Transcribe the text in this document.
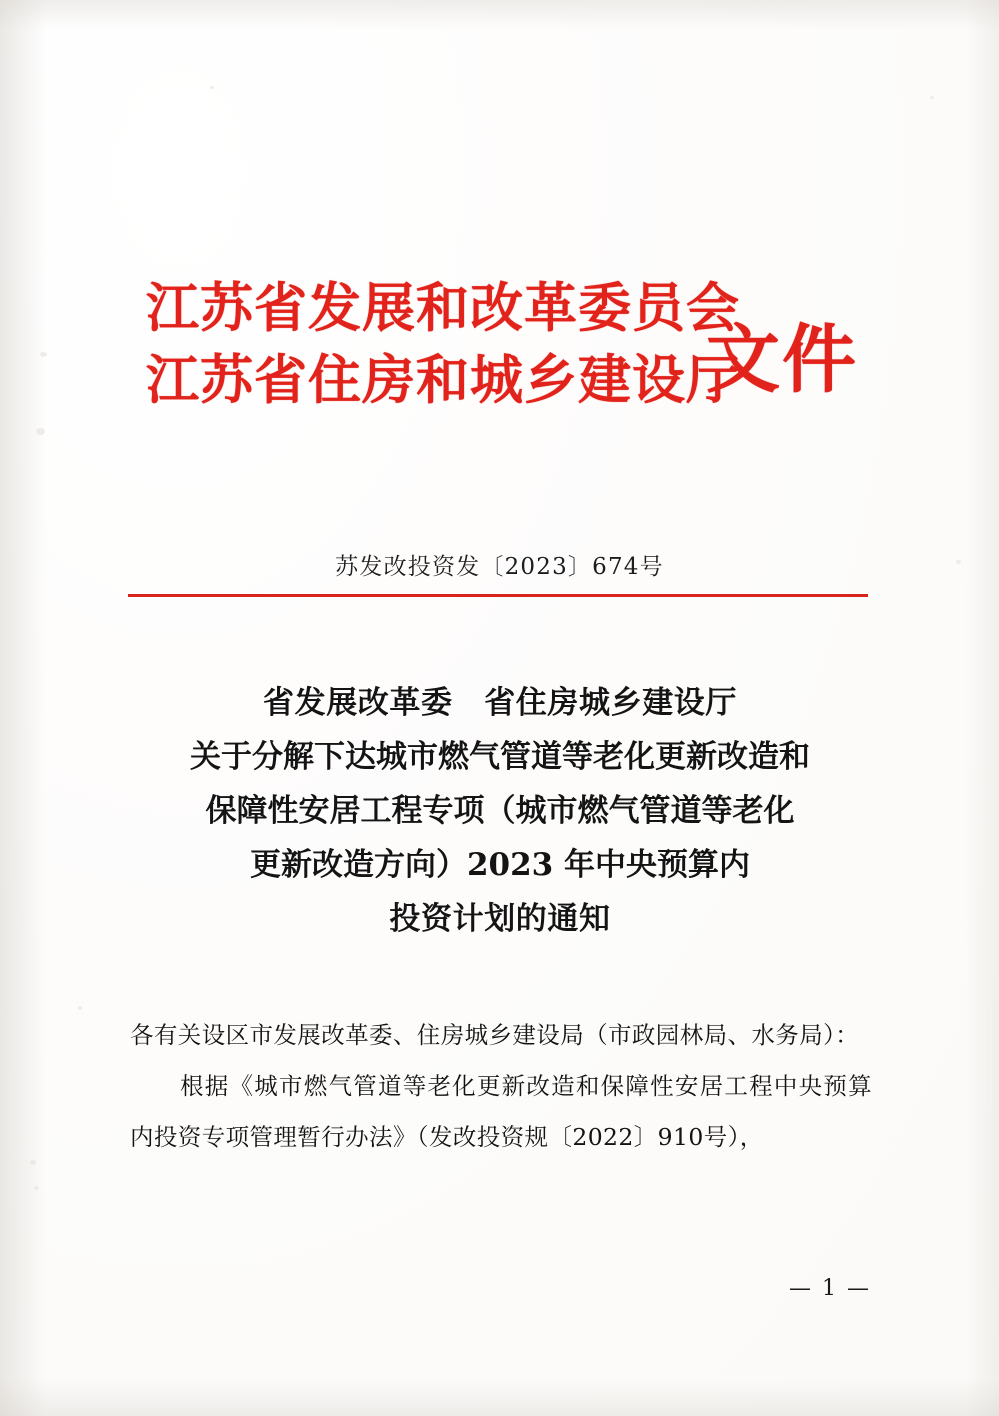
江苏省发展和改革委员会
江苏省住房和城乡建设厅
文件
苏发改投资发〔2023〕674号
省发展改革委　省住房城乡建设厅
关于分解下达城市燃气管道等老化更新改造和
保障性安居工程专项（城市燃气管道等老化
更新改造方向）2023 年中央预算内
投资计划的通知
各有关设区市发展改革委、住房城乡建设局（市政园林局、水务局）：
根据《城市燃气管道等老化更新改造和保障性安居工程中央预算内投资专项管理暂行办法》（发改投资规〔2022〕910号），
— 1 —
